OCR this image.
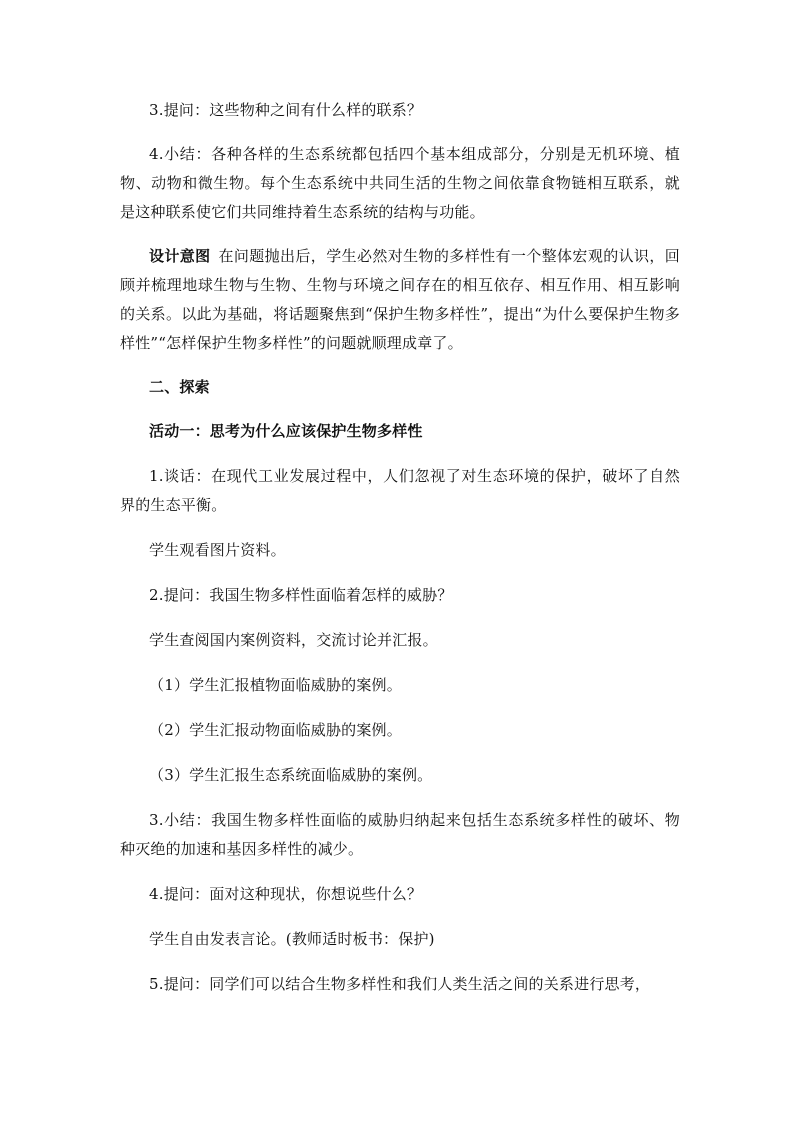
3.提问：这些物种之间有什么样的联系？

4.小结：各种各样的生态系统都包括四个基本组成部分，分别是无机环境、植物、动物和微生物。每个生态系统中共同生活的生物之间依靠食物链相互联系，就是这种联系使它们共同维持着生态系统的结构与功能。

设计意图  在问题抛出后，学生必然对生物的多样性有一个整体宏观的认识，回顾并梳理地球生物与生物、生物与环境之间存在的相互依存、相互作用、相互影响的关系。以此为基础，将话题聚焦到“保护生物多样性”，提出“为什么要保护生物多样性”“怎样保护生物多样性”的问题就顺理成章了。

二、探索

活动一：思考为什么应该保护生物多样性

1.谈话：在现代工业发展过程中，人们忽视了对生态环境的保护，破坏了自然界的生态平衡。

学生观看图片资料。

2.提问：我国生物多样性面临着怎样的威胁？

学生查阅国内案例资料，交流讨论并汇报。

（1）学生汇报植物面临威胁的案例。

（2）学生汇报动物面临威胁的案例。

（3）学生汇报生态系统面临威胁的案例。

3.小结：我国生物多样性面临的威胁归纳起来包括生态系统多样性的破坏、物种灭绝的加速和基因多样性的减少。

4.提问：面对这种现状，你想说些什么？

学生自由发表言论。(教师适时板书：保护)

5.提问：同学们可以结合生物多样性和我们人类生活之间的关系进行思考，
